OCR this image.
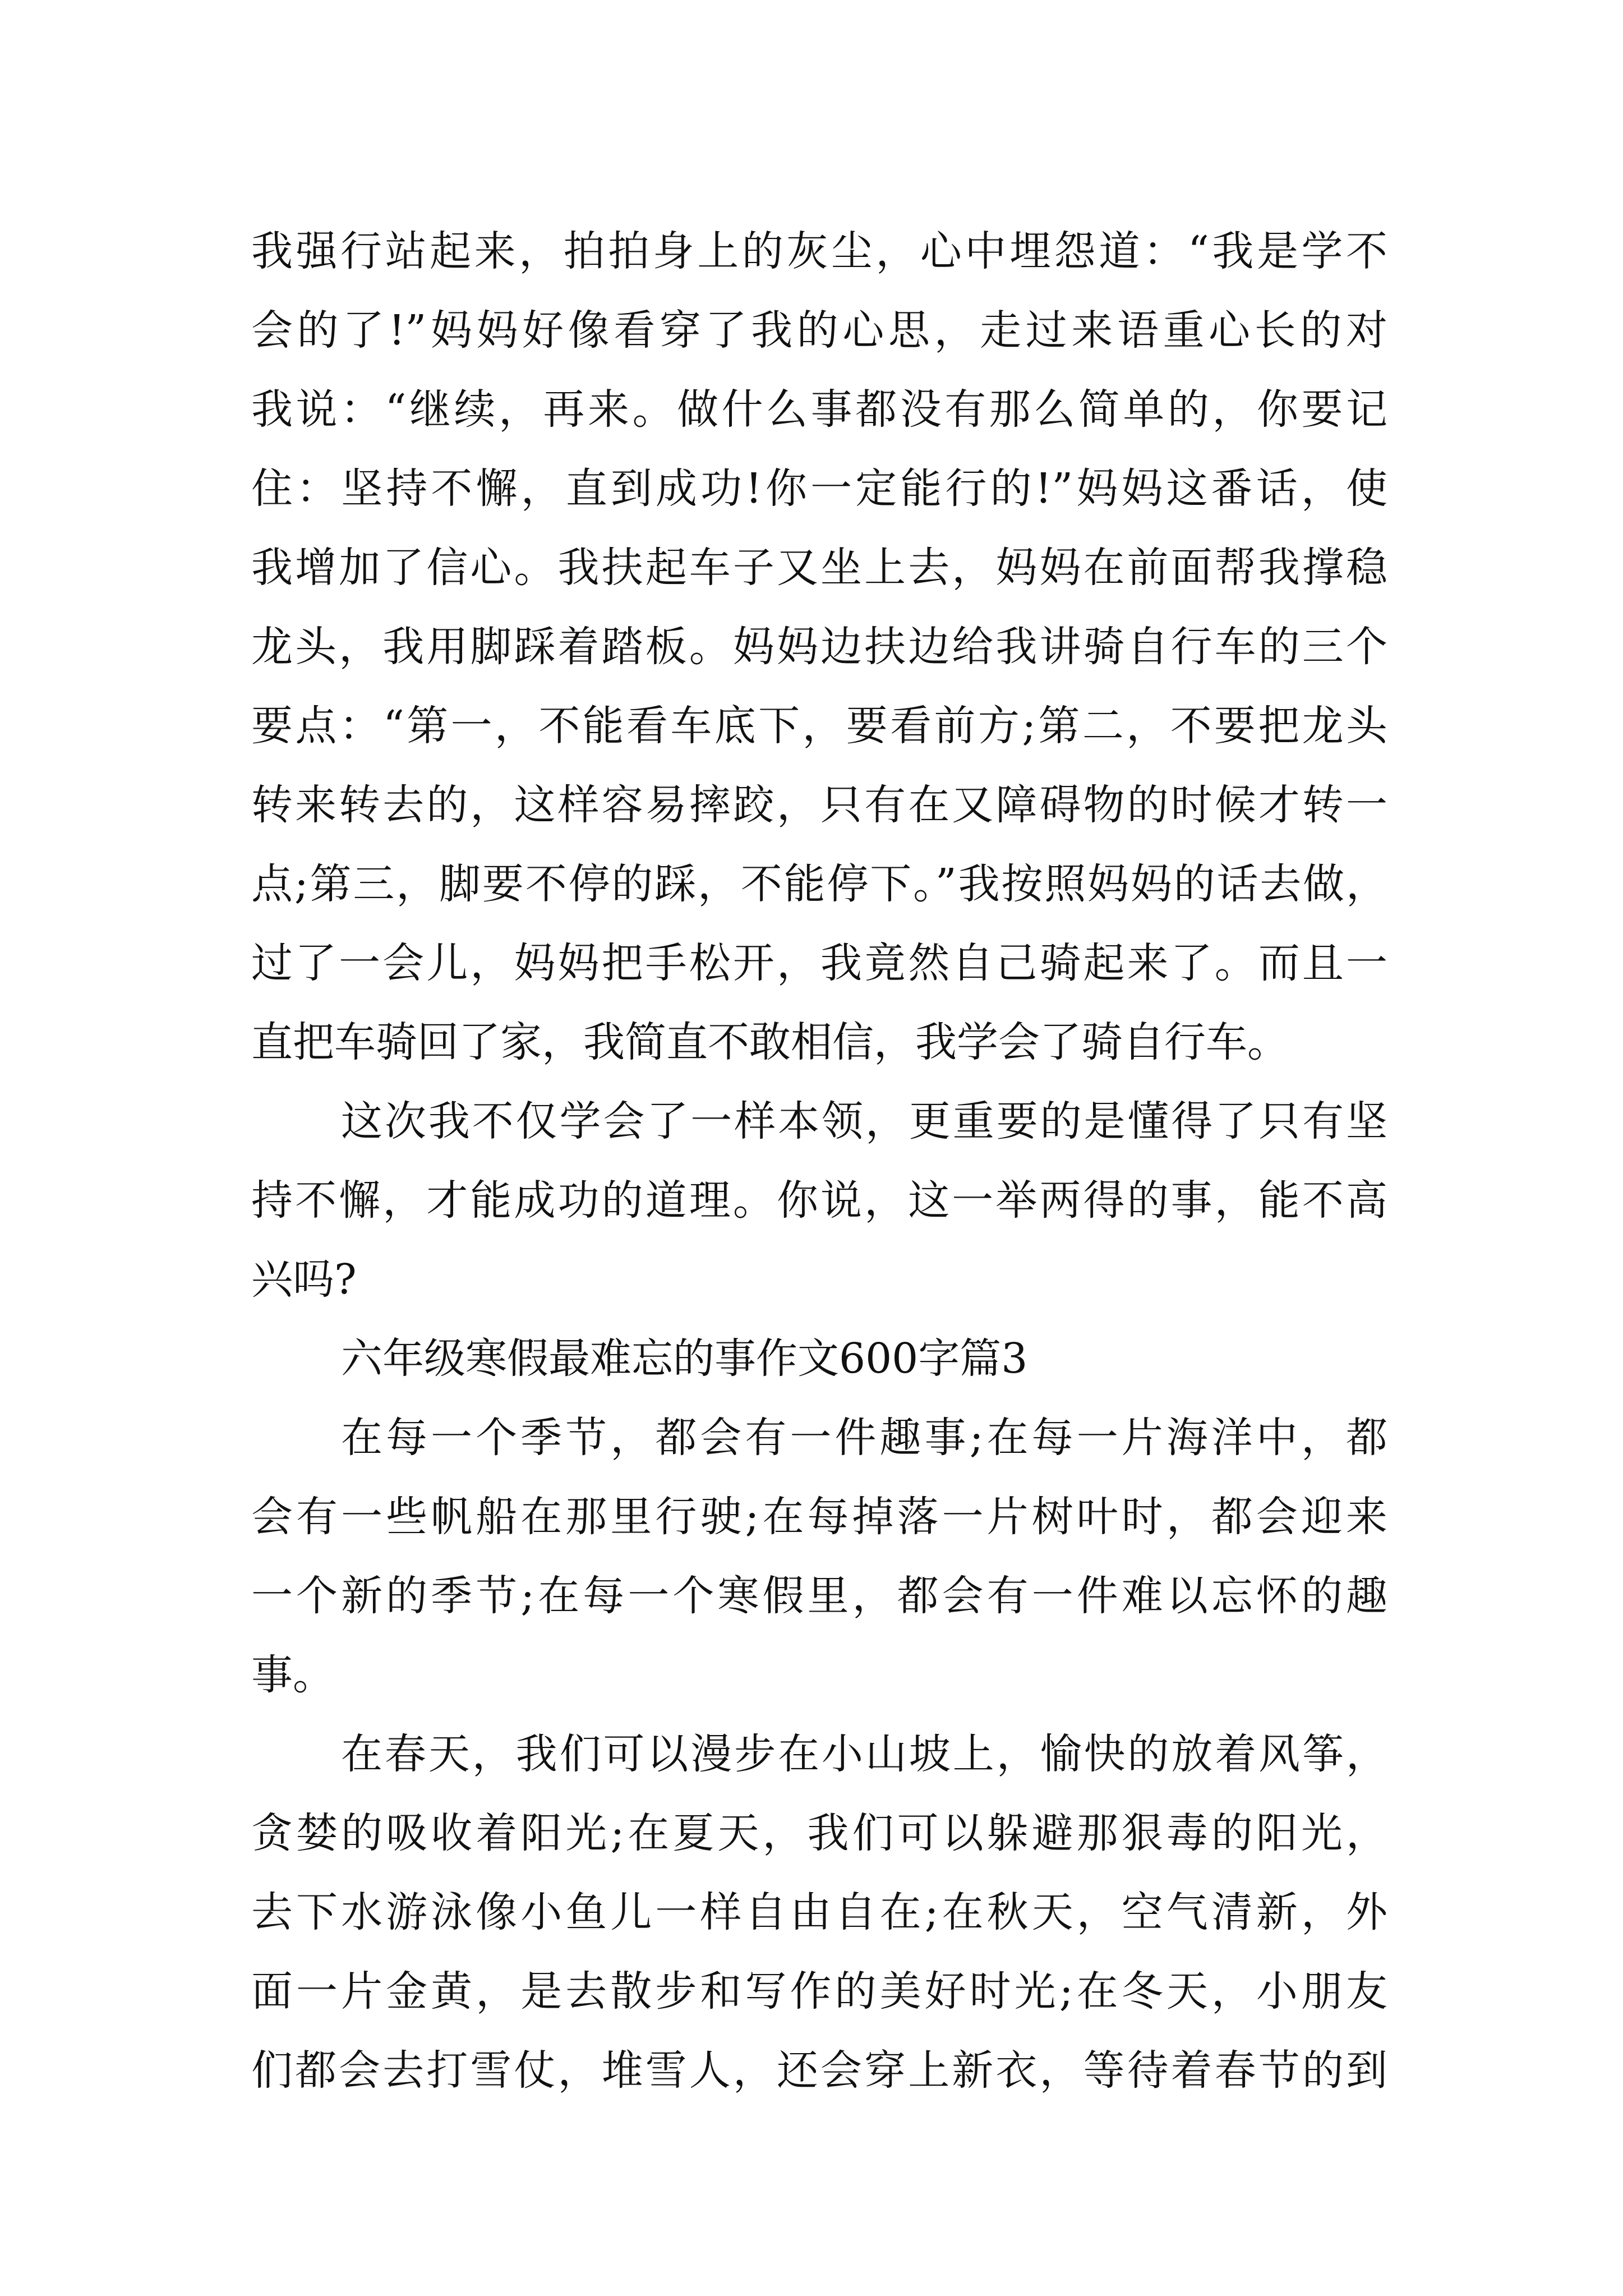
我强行站起来，拍拍身上的灰尘，心中埋怨道：“我是学不
会的了!”妈妈好像看穿了我的心思，走过来语重心长的对
我说：“继续，再来。做什么事都没有那么简单的，你要记
住：坚持不懈，直到成功!你一定能行的!”妈妈这番话，使
我增加了信心。我扶起车子又坐上去，妈妈在前面帮我撑稳
龙头，我用脚踩着踏板。妈妈边扶边给我讲骑自行车的三个
要点：“第一，不能看车底下，要看前方;第二，不要把龙头
转来转去的，这样容易摔跤，只有在又障碍物的时候才转一
点;第三，脚要不停的踩，不能停下。”我按照妈妈的话去做，
过了一会儿，妈妈把手松开，我竟然自己骑起来了。而且一
直把车骑回了家，我简直不敢相信，我学会了骑自行车。
这次我不仅学会了一样本领，更重要的是懂得了只有坚
持不懈，才能成功的道理。你说，这一举两得的事，能不高
兴吗?
六年级寒假最难忘的事作文600字篇3
在每一个季节，都会有一件趣事;在每一片海洋中，都
会有一些帆船在那里行驶;在每掉落一片树叶时，都会迎来
一个新的季节;在每一个寒假里，都会有一件难以忘怀的趣
事。
在春天，我们可以漫步在小山坡上，愉快的放着风筝，
贪婪的吸收着阳光;在夏天，我们可以躲避那狠毒的阳光，
去下水游泳像小鱼儿一样自由自在;在秋天，空气清新，外
面一片金黄，是去散步和写作的美好时光;在冬天，小朋友
们都会去打雪仗，堆雪人，还会穿上新衣，等待着春节的到
